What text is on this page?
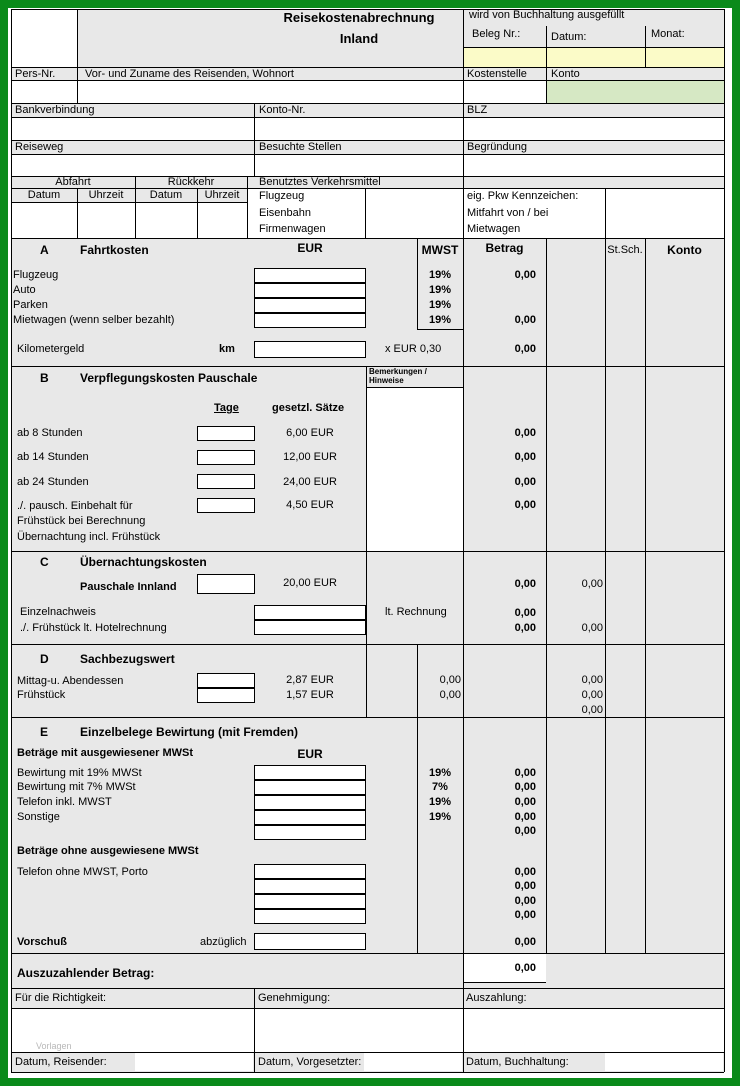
Reisekostenabrechnung
Inland
wird von Buchhaltung ausgefüllt
Beleg Nr.:	Datum:	Monat:
Pers-Nr.	Vor- und Zuname des Reisenden, Wohnort	Kostenstelle Konto
Bankverbindung	Konto-Nr.	BLZ
Reiseweg	Besuchte Stellen	Begründung
Abfahrt	Rückkehr
Datum	Uhrzeit	Datum	Uhrzeit
Benutztes Verkehrsmittel
Flugzeug
Eisenbahn
Firmenwagen
eig. Pkw Kennzeichen:
Mitfahrt von / bei
Mietwagen
A	Fahrtkosten	EUR	MWST	Betrag	St.Sch.	Konto
Flugzeug	19%	0,00
Auto	19%
Parken	19%
Mietwagen (wenn selber bezahlt)	19%	0,00
Kilometergeld	km	x EUR 0,30	0,00
B	Verpflegungskosten Pauschale	Bemerkungen /
Hinweise
Tage	gesetzl. Sätze
ab 8 Stunden	6,00 EUR	0,00
ab 14 Stunden	12,00 EUR	0,00
ab 24 Stunden	24,00 EUR	0,00
./. pausch. Einbehalt für	4,50 EUR	0,00
Frühstück bei Berechnung
Übernachtung incl. Frühstück
C	Übernachtungskosten
Pauschale Innland	20,00 EUR	0,00	0,00
Einzelnachweis	lt. Rechnung	0,00
./. Frühstück lt. Hotelrechnung	0,00	0,00
D	Sachbezugswert
Mittag-u. Abendessen	2,87 EUR	0,00	0,00
Frühstück	1,57 EUR	0,00	0,00
0,00
E	Einzelbelege Bewirtung (mit Fremden)
Beträge mit ausgewiesener MWSt	EUR
Bewirtung mit 19% MWSt	19%	0,00
Bewirtung mit 7% MWSt	7%	0,00
Telefon inkl. MWST	19%	0,00
Sonstige	19%	0,00
0,00
Beträge ohne ausgewiesene MWSt
Telefon ohne MWST, Porto	0,00
0,00
0,00
0,00
Vorschuß	abzüglich	0,00
Auszuzahlender Betrag:	0,00
Für die Richtigkeit:	Genehmigung:	Auszahlung:
Vorlagen
Datum, Reisender:	Datum, Vorgesetzter:	Datum, Buchhaltung:
